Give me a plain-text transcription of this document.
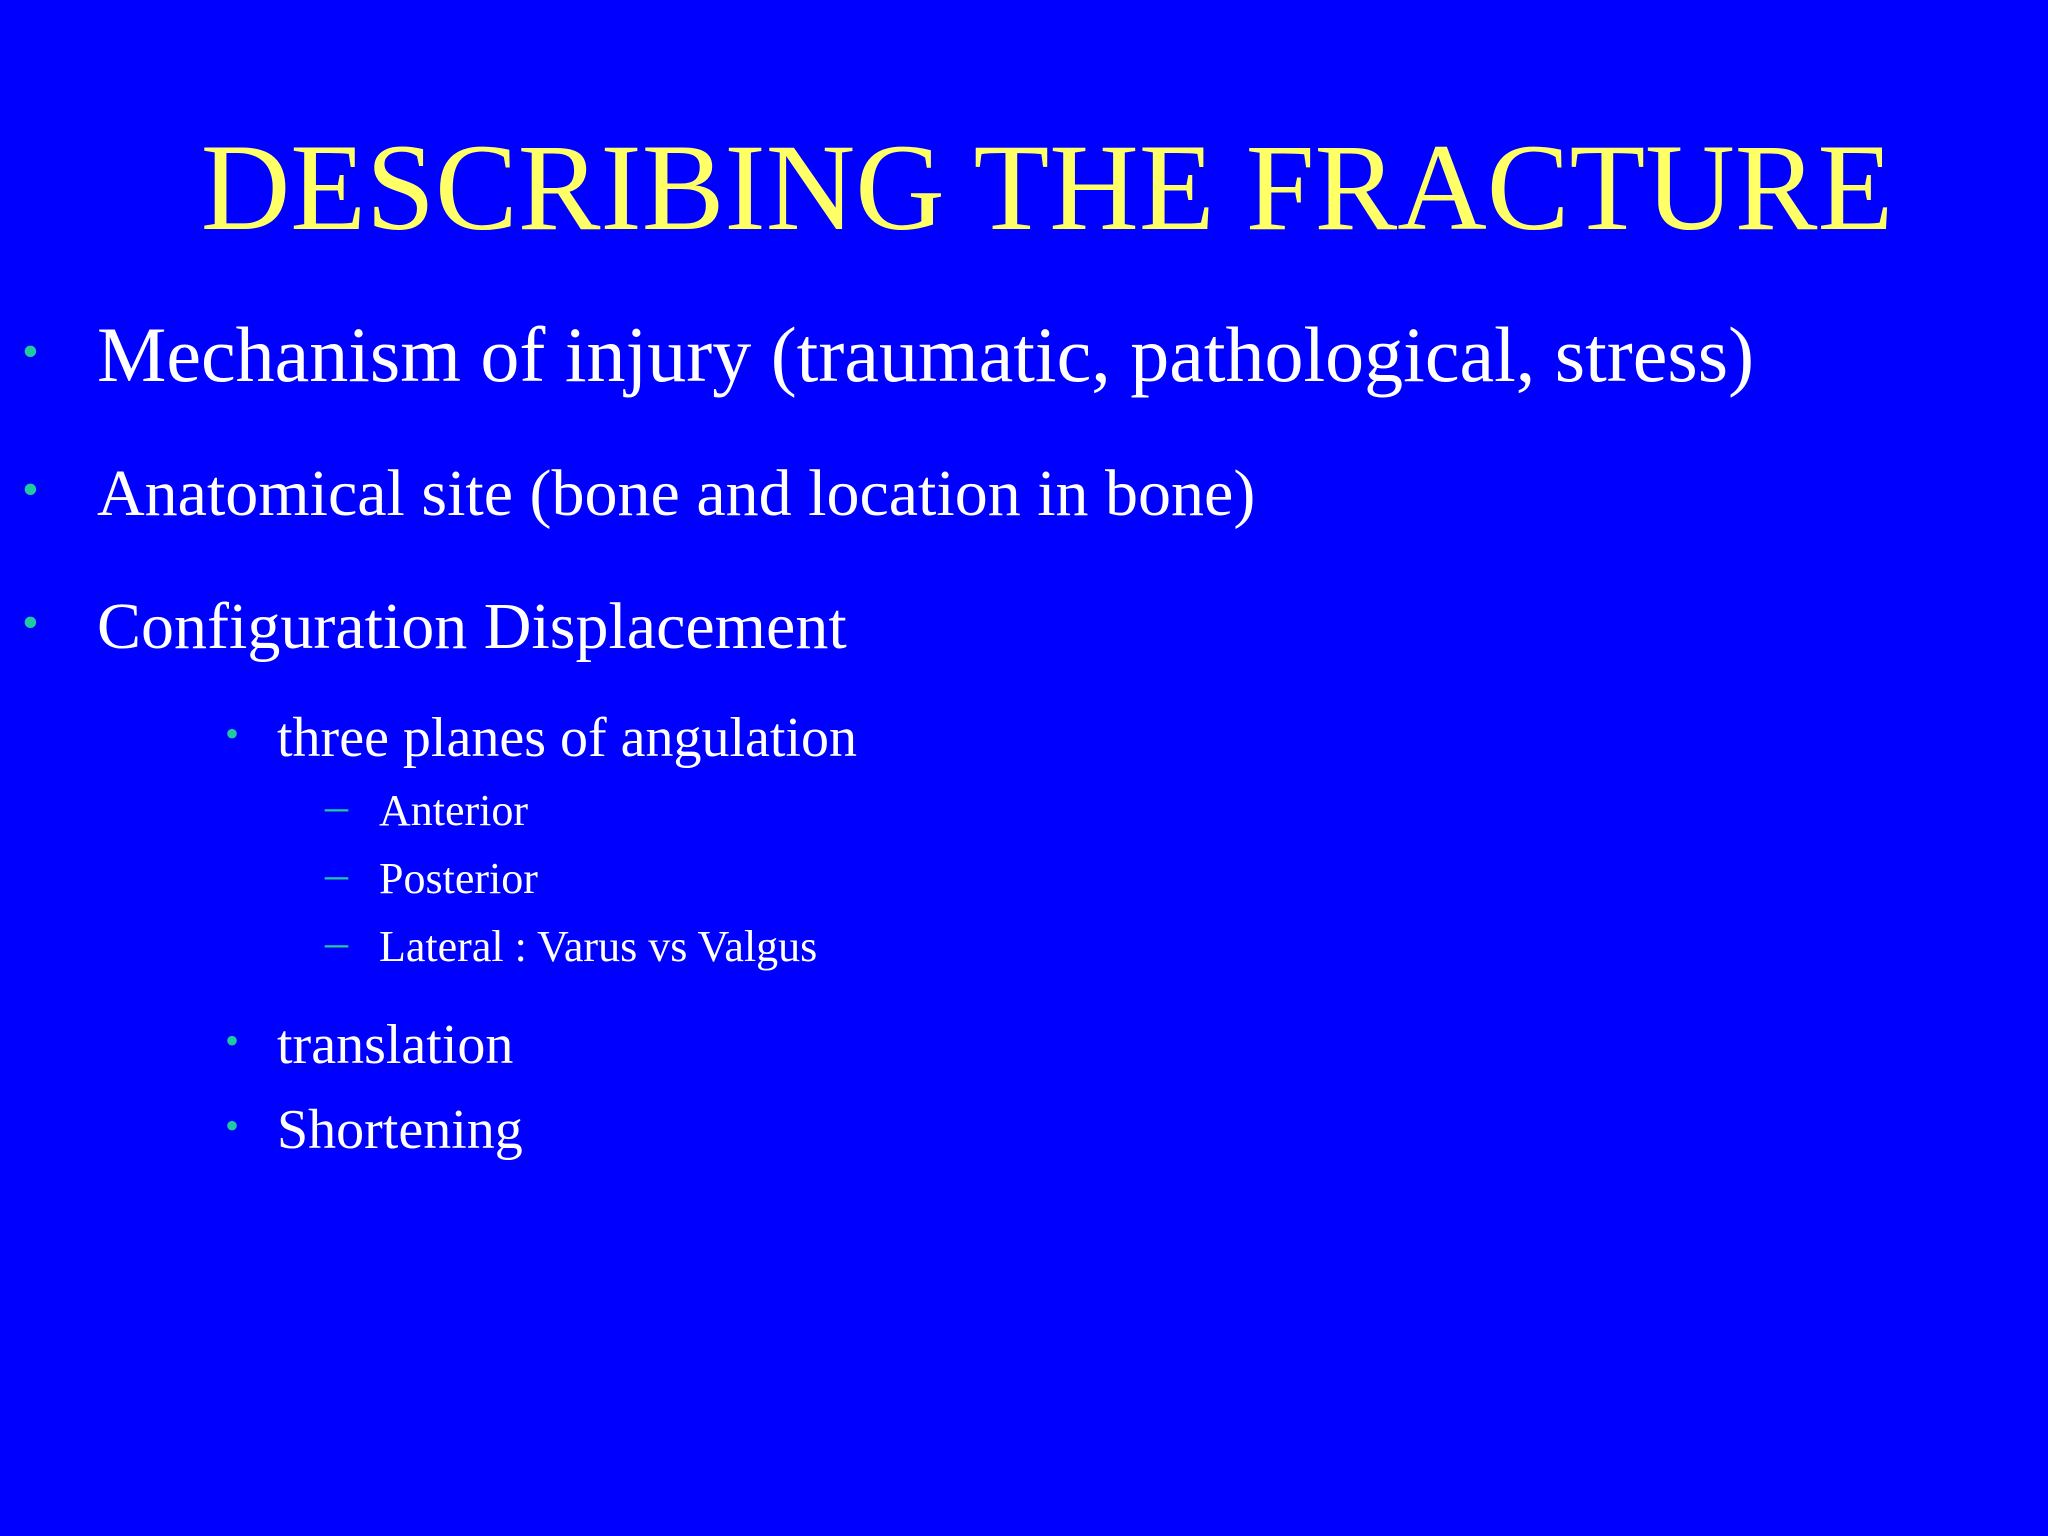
DESCRIBING THE FRACTURE
• Mechanism of injury (traumatic, pathological, stress)
• Anatomical site (bone and location in bone)
• Configuration Displacement
• three planes of angulation
– Anterior
– Posterior
– Lateral : Varus vs Valgus
• translation
• Shortening
